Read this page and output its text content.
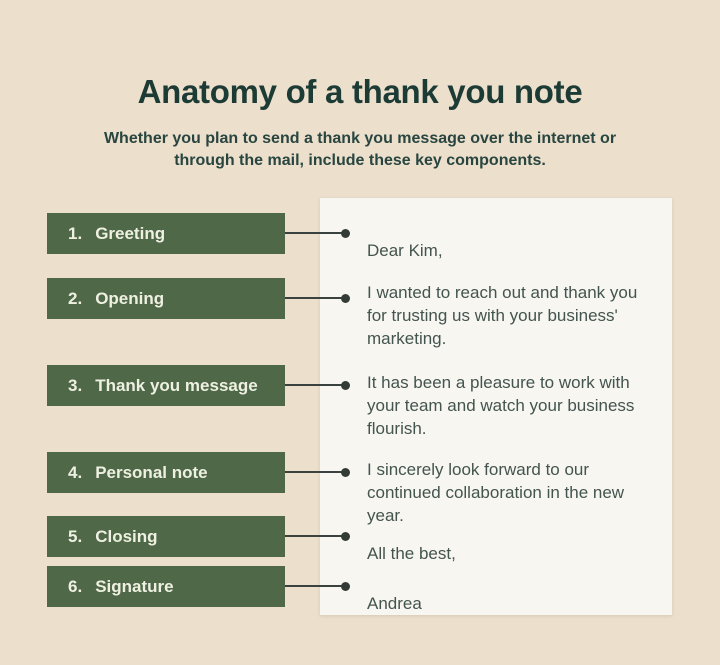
Anatomy of a thank you note

Whether you plan to send a thank you message over the internet or through the mail, include these key components.

1. Greeting

Dear Kim,

2. Opening	I wanted to reach out and thank you for trusting us with your business' marketing.

3. Thank you message	It has been a pleasure to work with your team and watch your business flourish.

4. Personal note	I sincerely look forward to our continued collaboration in the new year.

5. Closing

All the best,

6. Signature

Andrea
